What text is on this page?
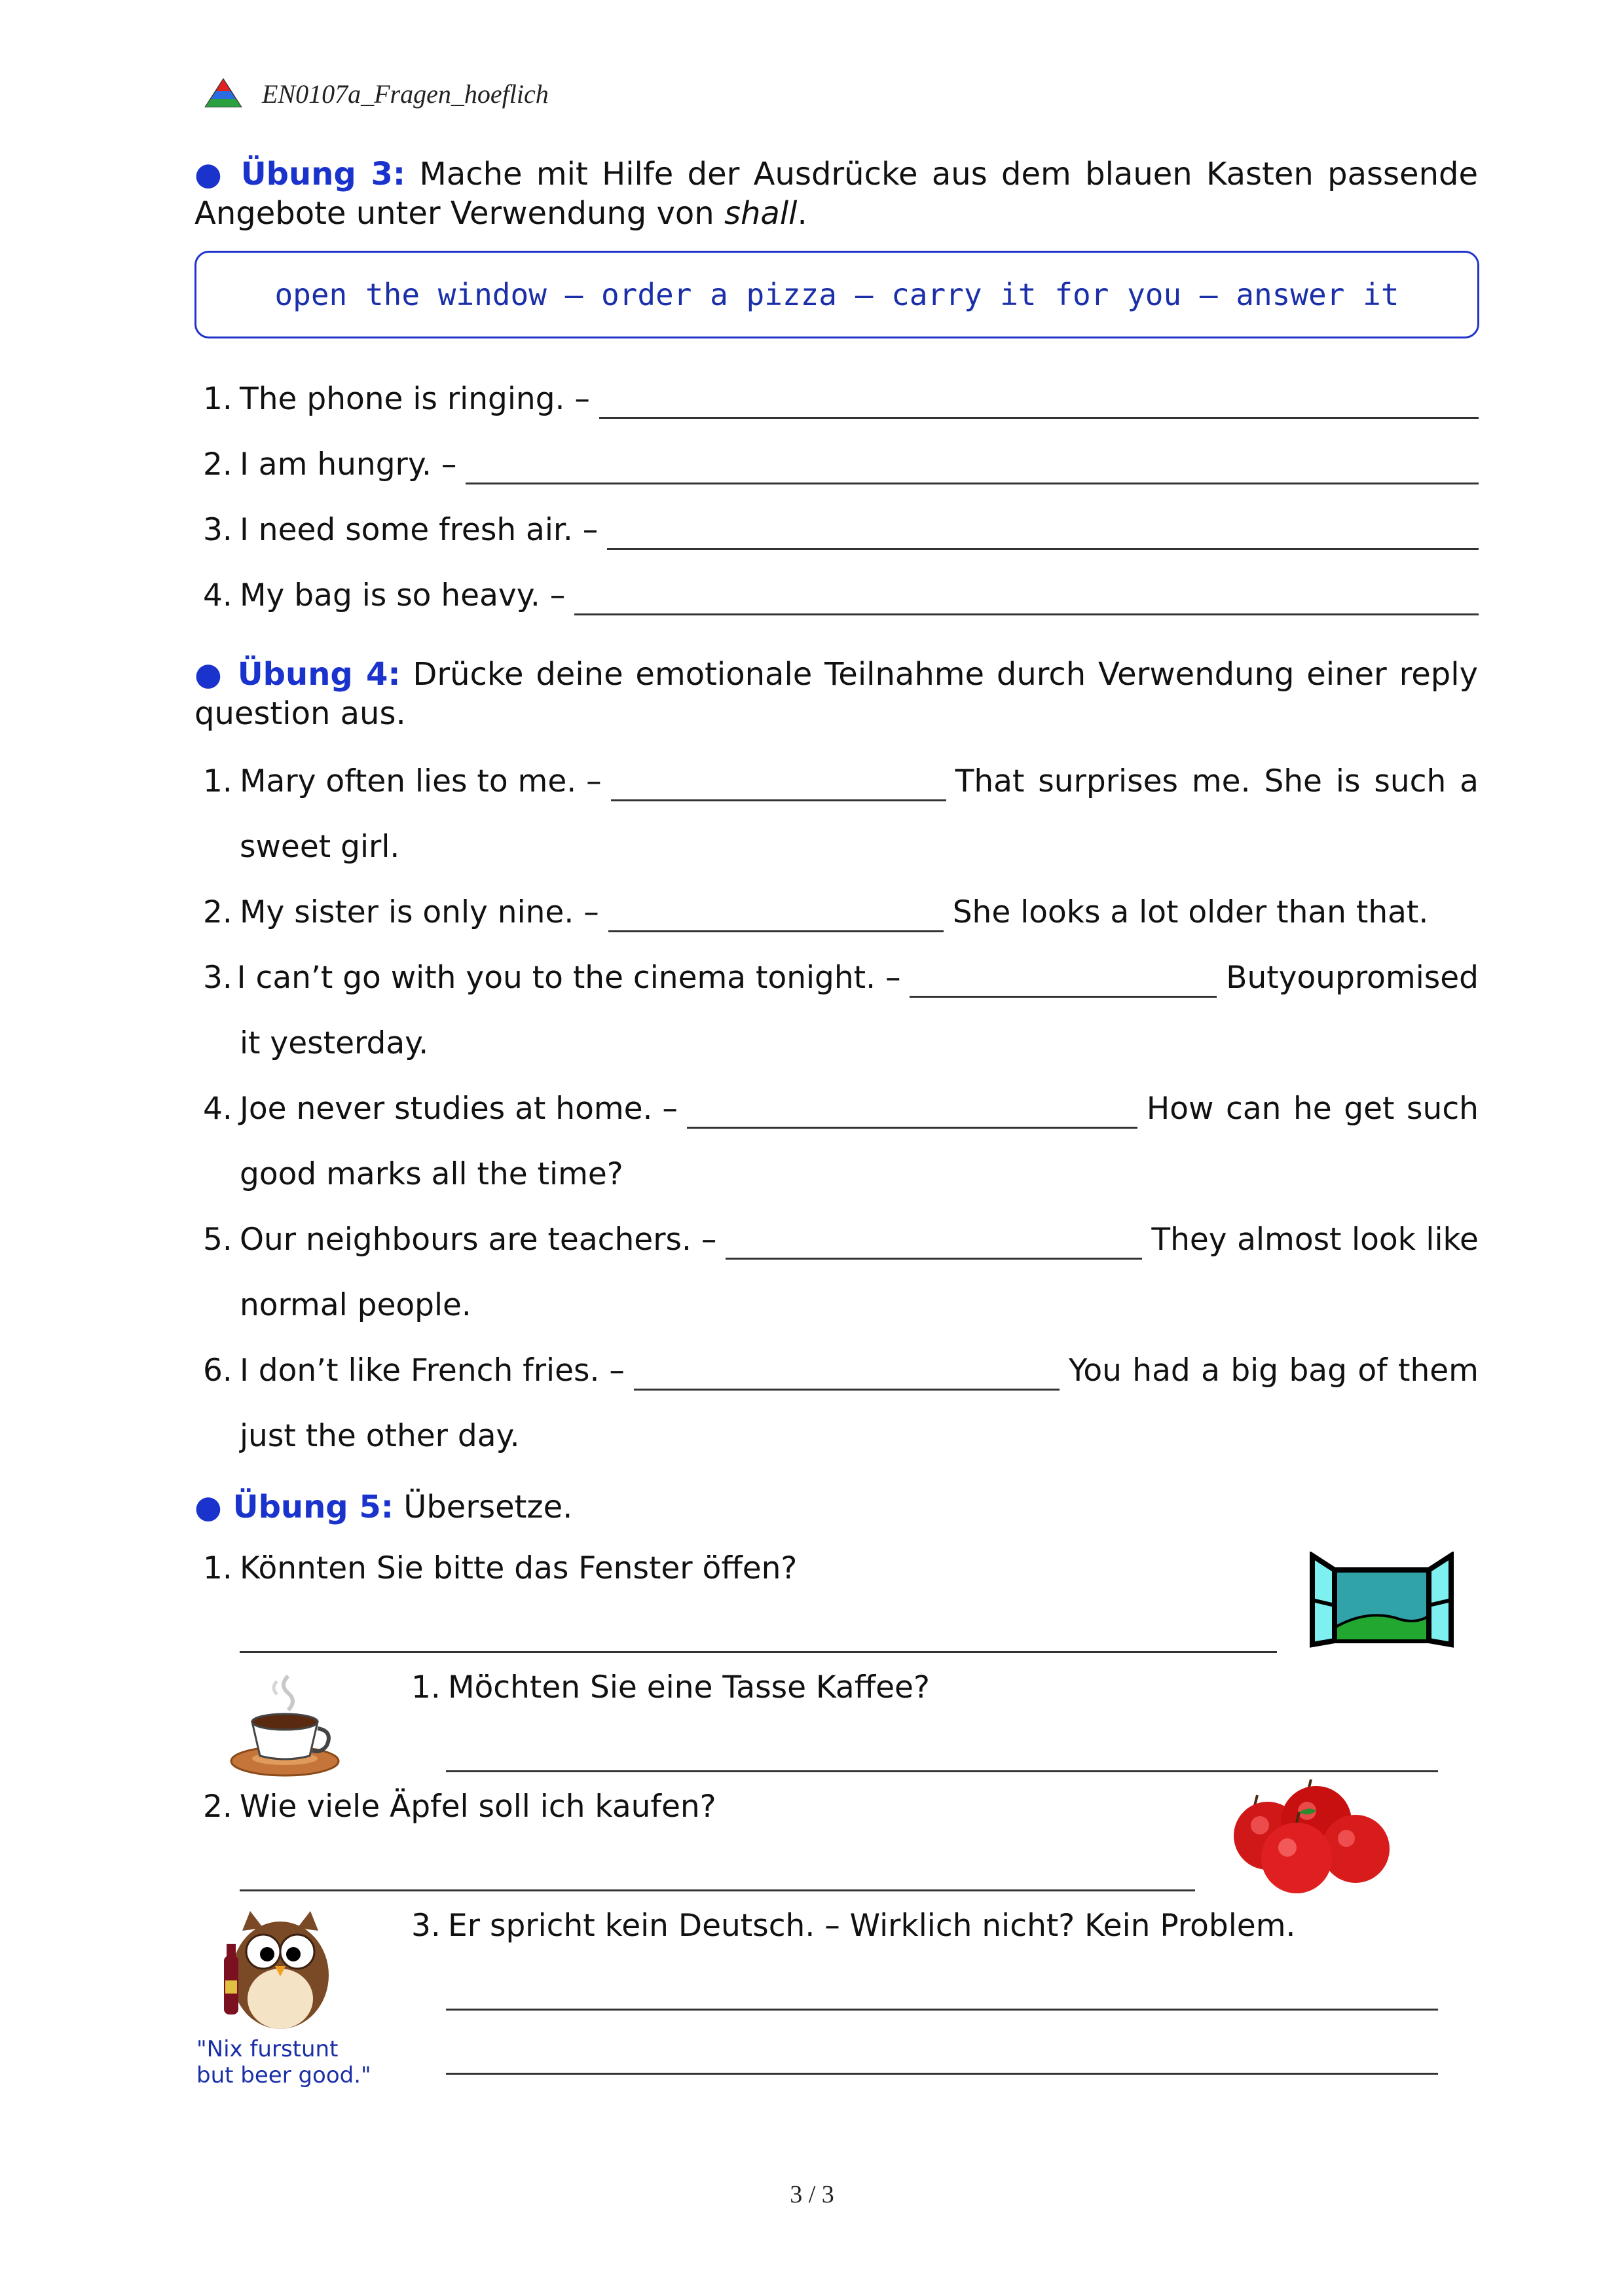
EN0107a_Fragen_hoeflich
● Übung 3: Mache mit Hilfe der Ausdrücke aus dem blauen Kasten passende Angebote unter Verwendung von shall.
open the window – order a pizza – carry it for you – answer it
1. The phone is ringing. –
2. I am hungry. –
3. I need some fresh air. –
4. My bag is so heavy. –
● Übung 4: Drücke deine emotionale Teilnahme durch Verwendung einer reply question aus.
1. Mary often lies to me. –	That surprises me. She is such a
sweet girl.
2. My sister is only nine. –	She looks a lot older than that.
3. I can’t go with you to the cinema tonight. –	But you promised
it yesterday.
4. Joe never studies at home. –	How can he get such
good marks all the time?
5. Our neighbours are teachers. –	They almost look like
normal people.
6. I don’t like French fries. –	You had a big bag of them
just the other day.
● Übung 5: Übersetze.
1. Könnten Sie bitte das Fenster öffen?
1. Möchten Sie eine Tasse Kaffee?
2. Wie viele Äpfel soll ich kaufen?
"Nix furstunt
but beer good."
3. Er spricht kein Deutsch. – Wirklich nicht? Kein Problem.
3 / 3
